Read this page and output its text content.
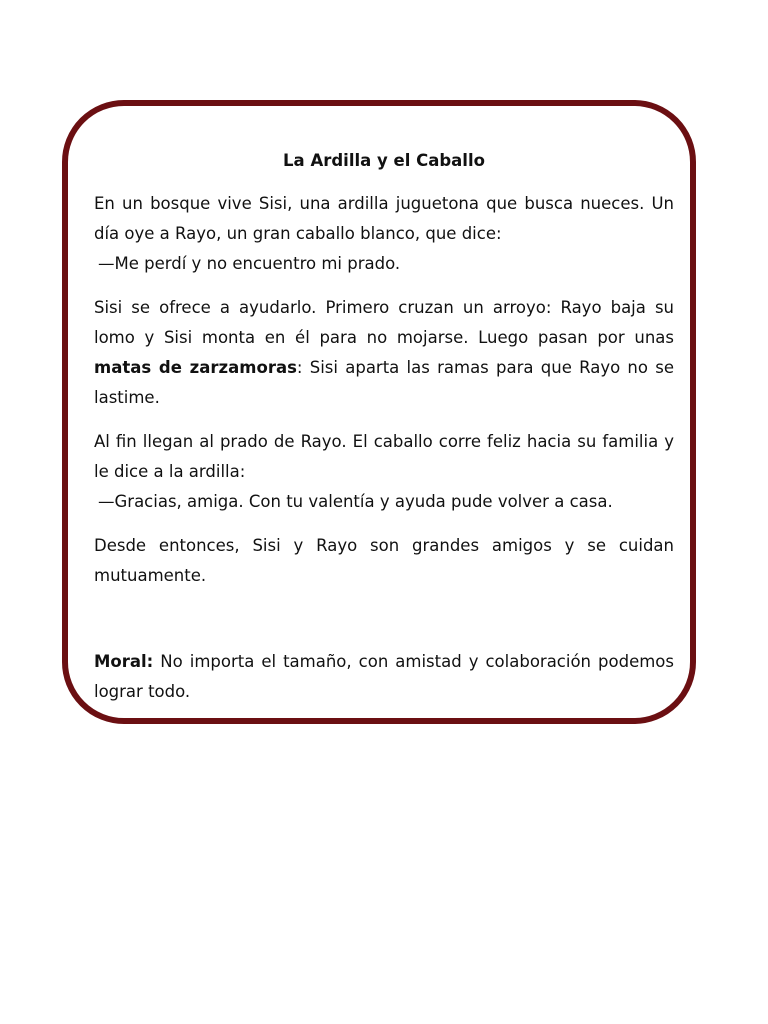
La Ardilla y el Caballo

En un bosque vive Sisi, una ardilla juguetona que busca nueces. Un día oye a Rayo, un gran caballo blanco, que dice:
—Me perdí y no encuentro mi prado.

Sisi se ofrece a ayudarlo. Primero cruzan un arroyo: Rayo baja su lomo y Sisi monta en él para no mojarse. Luego pasan por unas matas de zarzamoras: Sisi aparta las ramas para que Rayo no se lastime.

Al fin llegan al prado de Rayo. El caballo corre feliz hacia su familia y le dice a la ardilla:
—Gracias, amiga. Con tu valentía y ayuda pude volver a casa.

Desde entonces, Sisi y Rayo son grandes amigos y se cuidan mutuamente.

Moral: No importa el tamaño, con amistad y colaboración podemos lograr todo.
